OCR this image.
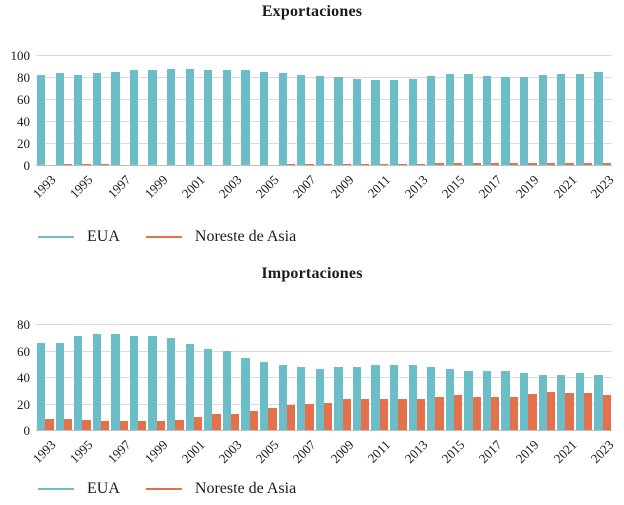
Exportaciones
0
20
40
60
80
100
1993 1995 1997 1999 2001 2003 2005 2007 2009 2011 2013 2015 2017 2019 2021 2023
EUA	Noreste de Asia
Importaciones
0
20
40
60
80
1993 1995 1997 1999 2001 2003 2005 2007 2009 2011 2013 2015 2017 2019 2021 2023
EUA	Noreste de Asia
